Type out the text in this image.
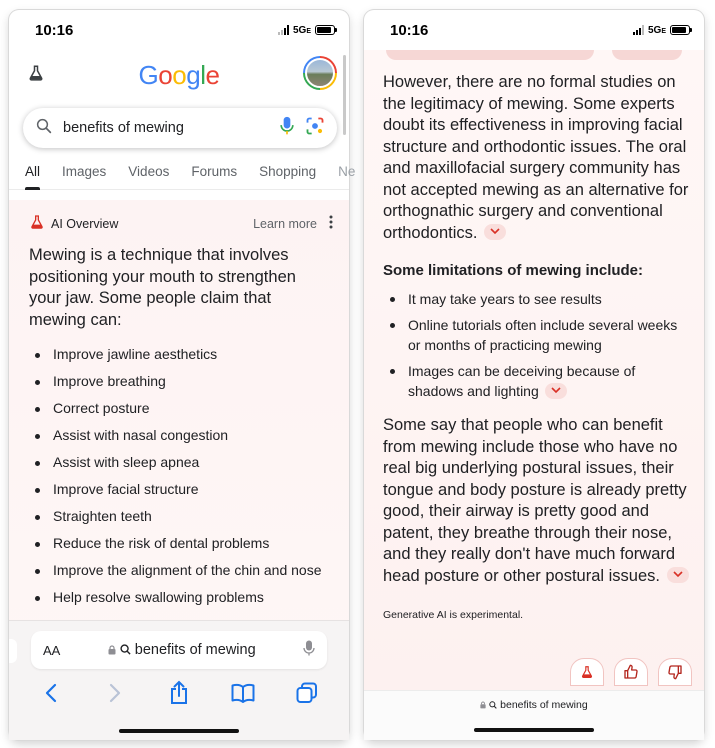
10:16	5GE
Google
benefits of mewing
All Images Videos Forums Shopping Ne
AI Overview	Learn more

Mewing is a technique that involves positioning your mouth to strengthen your jaw. Some people claim that mewing can:

Improve jawline aesthetics
Improve breathing
Correct posture
Assist with nasal congestion
Assist with sleep apnea
Improve facial structure
Straighten teeth
Reduce the risk of dental problems
Improve the alignment of the chin and nose
Help resolve swallowing problems
AA	benefits of mewing
10:16	5GE

However, there are no formal studies on the legitimacy of mewing. Some experts doubt its effectiveness in improving facial structure and orthodontic issues. The oral and maxillofacial surgery community has not accepted mewing as an alternative for orthognathic surgery and conventional orthodontics.

Some limitations of mewing include:

It may take years to see results
Online tutorials often include several weeks or months of practicing mewing
Images can be deceiving because of shadows and lighting

Some say that people who can benefit from mewing include those who have no real big underlying postural issues, their tongue and body posture is already pretty good, their airway is pretty good and patent, they breathe through their nose, and they really don't have much forward head posture or other postural issues.

Generative AI is experimental.

benefits of mewing
